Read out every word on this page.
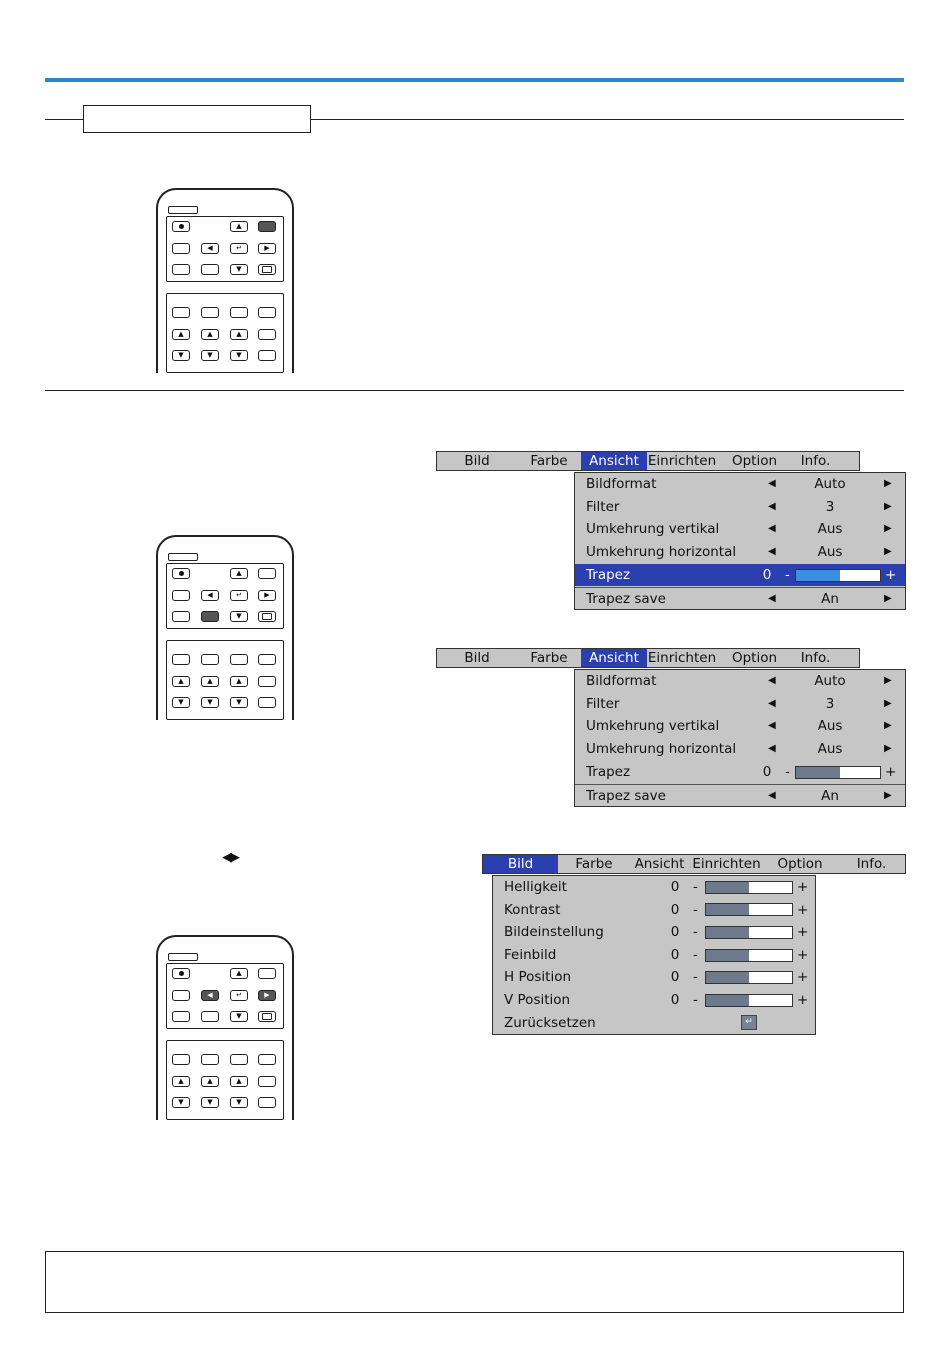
▲
◀	↵	▶
▼
▲	▲	▲
▼	▼	▼
▲
◀	↵	▶
▼
▲	▲	▲
▼	▼	▼
▲
◀	↵	▶
▼
▲	▲	▲
▼	▼	▼
◀▶
Bild	Farbe	Ansicht Einrichten	Option	Info.
Bildformat	◀	Auto	▶
Filter	◀	3	▶
Umkehrung vertikal	◀	Aus	▶
Umkehrung horizontal	◀	Aus	▶
Trapez	0 -	+
Trapez save	◀	An	▶
Bild	Farbe	Ansicht Einrichten	Option	Info.
Bildformat	◀	Auto	▶
Filter	◀	3	▶
Umkehrung vertikal	◀	Aus	▶
Umkehrung horizontal	◀	Aus	▶
Trapez	0 -	+
Trapez save	◀	An	▶
Bild	Farbe	Ansicht Einrichten	Option	Info.
Helligkeit	0 -	+
Kontrast	0 -	+
Bildeinstellung	0 -	+
Feinbild	0 -	+
H Position	0 -	+
V Position	0 -	+
Zurücksetzen	↵
